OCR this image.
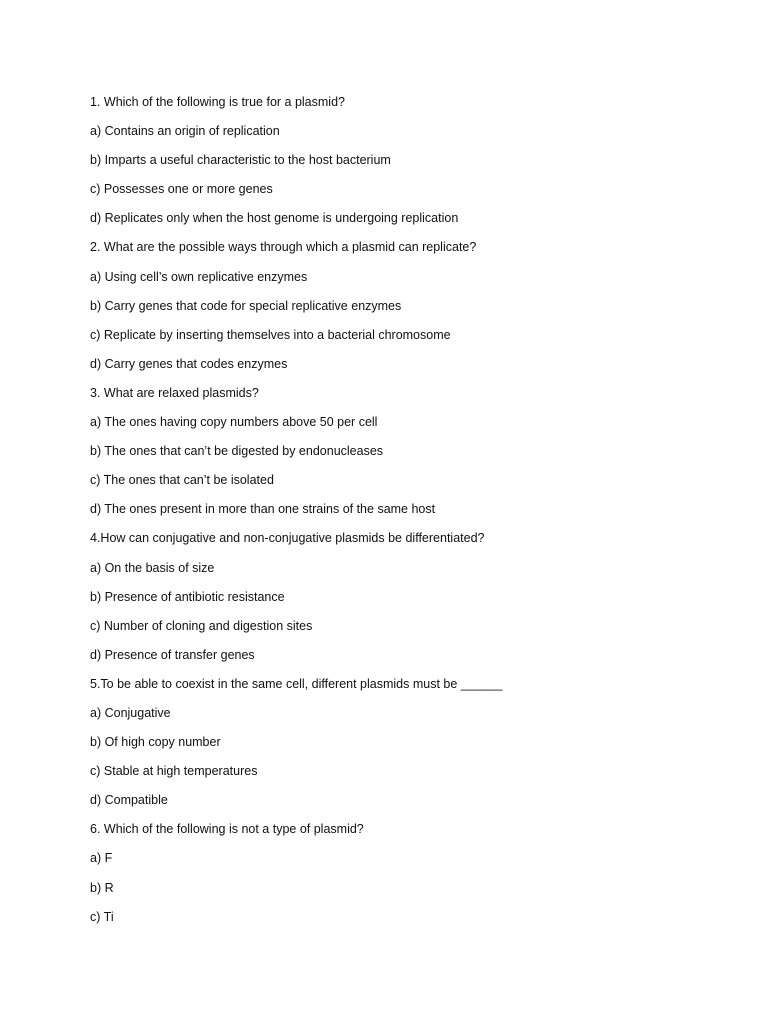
1. Which of the following is true for a plasmid?
a) Contains an origin of replication
b) Imparts a useful characteristic to the host bacterium
c) Possesses one or more genes
d) Replicates only when the host genome is undergoing replication
2. What are the possible ways through which a plasmid can replicate?
a) Using cell’s own replicative enzymes
b) Carry genes that code for special replicative enzymes
c) Replicate by inserting themselves into a bacterial chromosome
d) Carry genes that codes enzymes
3. What are relaxed plasmids?
a) The ones having copy numbers above 50 per cell
b) The ones that can’t be digested by endonucleases
c) The ones that can’t be isolated
d) The ones present in more than one strains of the same host
4.How can conjugative and non-conjugative plasmids be differentiated?
a) On the basis of size
b) Presence of antibiotic resistance
c) Number of cloning and digestion sites
d) Presence of transfer genes
5.To be able to coexist in the same cell, different plasmids must be ______
a) Conjugative
b) Of high copy number
c) Stable at high temperatures
d) Compatible
6. Which of the following is not a type of plasmid?
a) F
b) R
c) Ti
